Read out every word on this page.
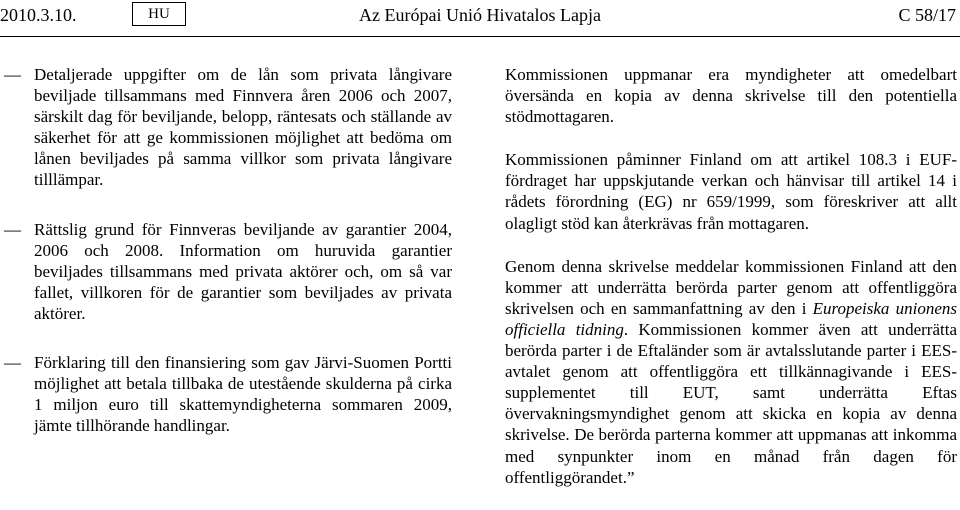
2010.3.10.	HU	Az Európai Unió Hivatalos Lapja	C 58/17
— Detaljerade uppgifter om de lån som privata långivare beviljade tillsammans med Finnvera åren 2006 och 2007, särskilt dag för beviljande, belopp, räntesats och ställande av säkerhet för att ge kommissionen möjlighet att bedöma om lånen beviljades på samma villkor som privata långivare tilllämpar.
— Rättslig grund för Finnveras beviljande av garantier 2004, 2006 och 2008. Information om huruvida garantier beviljades tillsammans med privata aktörer och, om så var fallet, villkoren för de garantier som beviljades av privata aktörer.
— Förklaring till den finansiering som gav Järvi-Suomen Portti möjlighet att betala tillbaka de utestående skulderna på cirka 1 miljon euro till skattemyndigheterna sommaren 2009, jämte tillhörande handlingar.

Kommissionen uppmanar era myndigheter att omedelbart översända en kopia av denna skrivelse till den potentiella stödmottagaren.

Kommissionen påminner Finland om att artikel 108.3 i EUF-fördraget har uppskjutande verkan och hänvisar till artikel 14 i rådets förordning (EG) nr 659/1999, som föreskriver att allt olagligt stöd kan återkrävas från mottagaren.

Genom denna skrivelse meddelar kommissionen Finland att den kommer att underrätta berörda parter genom att offentliggöra skrivelsen och en sammanfattning av den i Europeiska unionens officiella tidning. Kommissionen kommer även att underrätta berörda parter i de Eftaländer som är avtalsslutande parter i EES-avtalet genom att offentliggöra ett tillkännagivande i EES-supplementet till EUT, samt underrätta Eftas övervakningsmyndighet genom att skicka en kopia av denna skrivelse. De berörda parterna kommer att uppmanas att inkomma med synpunkter inom en månad från dagen för offentliggörandet.”
